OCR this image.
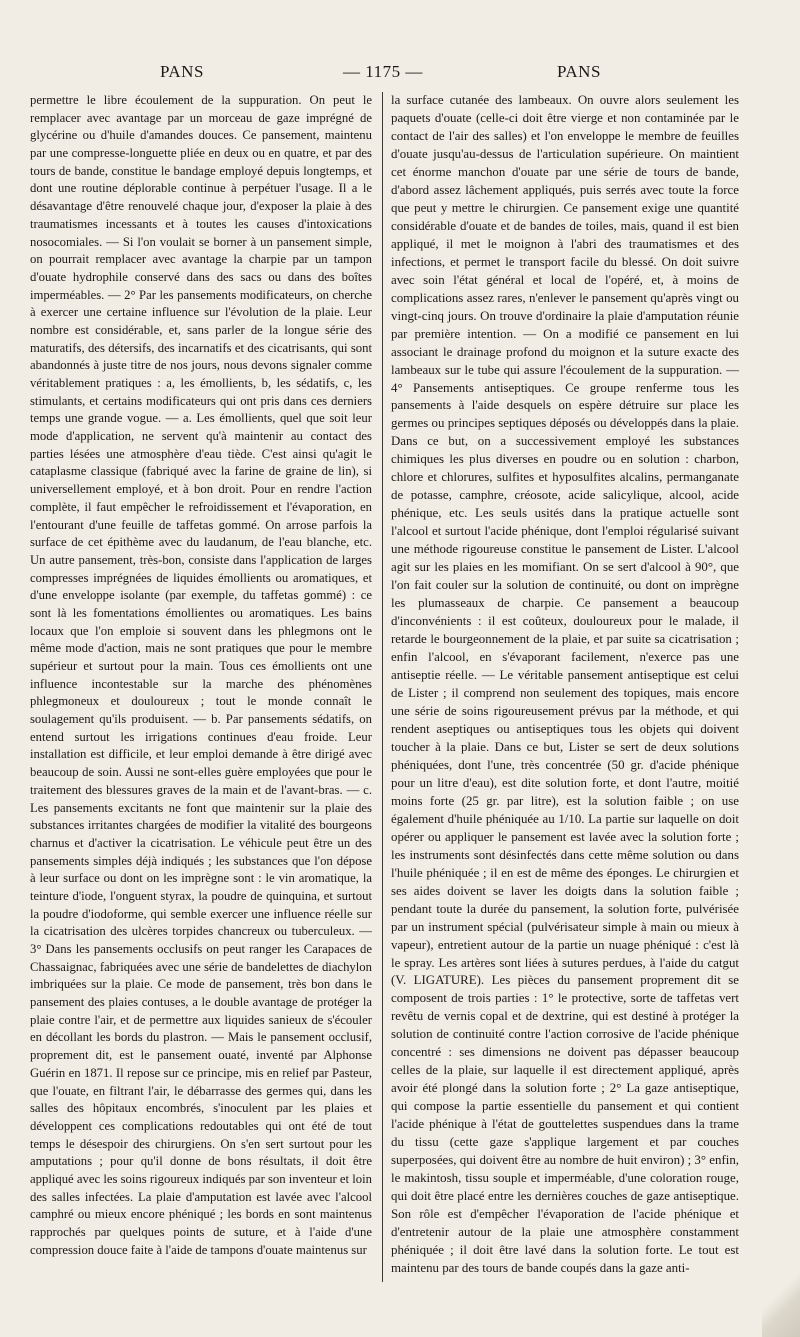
PANS	— 1175 —	PANS

permettre le libre écoulement de la suppuration. On peut le remplacer avec avantage par un morceau de gaze imprégné de glycérine ou d'huile d'amandes douces. Ce pansement, maintenu par une compresse-longuette pliée en deux ou en quatre, et par des tours de bande, constitue le bandage employé depuis longtemps, et dont une routine déplorable continue à perpétuer l'usage. Il a le désavantage d'être renouvelé chaque jour, d'exposer la plaie à des traumatismes incessants et à toutes les causes d'intoxications nosocomiales. — Si l'on voulait se borner à un pansement simple, on pourrait remplacer avec avantage la charpie par un tampon d'ouate hydrophile conservé dans des sacs ou dans des boîtes imperméables. — 2° Par les pansements modificateurs, on cherche à exercer une certaine influence sur l'évolution de la plaie. Leur nombre est considérable, et, sans parler de la longue série des maturatifs, des détersifs, des incarnatifs et des cicatrisants, qui sont abandonnés à juste titre de nos jours, nous devons signaler comme véritablement pratiques : a, les émollients, b, les sédatifs, c, les stimulants, et certains modificateurs qui ont pris dans ces derniers temps une grande vogue. — a. Les émollients, quel que soit leur mode d'application, ne servent qu'à maintenir au contact des parties lésées une atmosphère d'eau tiède. C'est ainsi qu'agit le cataplasme classique (fabriqué avec la farine de graine de lin), si universellement employé, et à bon droit. Pour en rendre l'action complète, il faut empêcher le refroidissement et l'évaporation, en l'entourant d'une feuille de taffetas gommé. On arrose parfois la surface de cet épithème avec du laudanum, de l'eau blanche, etc. Un autre pansement, très-bon, consiste dans l'application de larges compresses imprégnées de liquides émollients ou aromatiques, et d'une enveloppe isolante (par exemple, du taffetas gommé) : ce sont là les fomentations émollientes ou aromatiques. Les bains locaux que l'on emploie si souvent dans les phlegmons ont le même mode d'action, mais ne sont pratiques que pour le membre supérieur et surtout pour la main. Tous ces émollients ont une influence incontestable sur la marche des phénomènes phlegmoneux et douloureux ; tout le monde connaît le soulagement qu'ils produisent. — b. Par pansements sédatifs, on entend surtout les irrigations continues d'eau froide. Leur installation est difficile, et leur emploi demande à être dirigé avec beaucoup de soin. Aussi ne sont-elles guère employées que pour le traitement des blessures graves de la main et de l'avant-bras. — c. Les pansements excitants ne font que maintenir sur la plaie des substances irritantes chargées de modifier la vitalité des bourgeons charnus et d'activer la cicatrisation. Le véhicule peut être un des pansements simples déjà indiqués ; les substances que l'on dépose à leur surface ou dont on les imprègne sont : le vin aromatique, la teinture d'iode, l'onguent styrax, la poudre de quinquina, et surtout la poudre d'iodoforme, qui semble exercer une influence réelle sur la cicatrisation des ulcères torpides chancreux ou tuberculeux. — 3° Dans les pansements occlusifs on peut ranger les Carapaces de Chassaignac, fabriquées avec une série de bandelettes de diachylon imbriquées sur la plaie. Ce mode de pansement, très bon dans le pansement des plaies contuses, a le double avantage de protéger la plaie contre l'air, et de permettre aux liquides sanieux de s'écouler en décollant les bords du plastron. — Mais le pansement occlusif, proprement dit, est le pansement ouaté, inventé par Alphonse Guérin en 1871. Il repose sur ce principe, mis en relief par Pasteur, que l'ouate, en filtrant l'air, le débarrasse des germes qui, dans les salles des hôpitaux encombrés, s'inoculent par les plaies et développent ces complications redoutables qui ont été de tout temps le désespoir des chirurgiens. On s'en sert surtout pour les amputations ; pour qu'il donne de bons résultats, il doit être appliqué avec les soins rigoureux indiqués par son inventeur et loin des salles infectées. La plaie d'amputation est lavée avec l'alcool camphré ou mieux encore phéniqué ; les bords en sont maintenus rapprochés par quelques points de suture, et à l'aide d'une compression douce faite à l'aide de tampons d'ouate maintenus sur

la surface cutanée des lambeaux. On ouvre alors seulement les paquets d'ouate (celle-ci doit être vierge et non contaminée par le contact de l'air des salles) et l'on enveloppe le membre de feuilles d'ouate jusqu'au-dessus de l'articulation supérieure. On maintient cet énorme manchon d'ouate par une série de tours de bande, d'abord assez lâchement appliqués, puis serrés avec toute la force que peut y mettre le chirurgien. Ce pansement exige une quantité considérable d'ouate et de bandes de toiles, mais, quand il est bien appliqué, il met le moignon à l'abri des traumatismes et des infections, et permet le transport facile du blessé. On doit suivre avec soin l'état général et local de l'opéré, et, à moins de complications assez rares, n'enlever le pansement qu'après vingt ou vingt-cinq jours. On trouve d'ordinaire la plaie d'amputation réunie par première intention. — On a modifié ce pansement en lui associant le drainage profond du moignon et la suture exacte des lambeaux sur le tube qui assure l'écoulement de la suppuration. — 4° Pansements antiseptiques. Ce groupe renferme tous les pansements à l'aide desquels on espère détruire sur place les germes ou principes septiques déposés ou développés dans la plaie. Dans ce but, on a successivement employé les substances chimiques les plus diverses en poudre ou en solution : charbon, chlore et chlorures, sulfites et hyposulfites alcalins, permanganate de potasse, camphre, créosote, acide salicylique, alcool, acide phénique, etc. Les seuls usités dans la pratique actuelle sont l'alcool et surtout l'acide phénique, dont l'emploi régularisé suivant une méthode rigoureuse constitue le pansement de Lister. L'alcool agit sur les plaies en les momifiant. On se sert d'alcool à 90°, que l'on fait couler sur la solution de continuité, ou dont on imprègne les plumasseaux de charpie. Ce pansement a beaucoup d'inconvénients : il est coûteux, douloureux pour le malade, il retarde le bourgeonnement de la plaie, et par suite sa cicatrisation ; enfin l'alcool, en s'évaporant facilement, n'exerce pas une antiseptie réelle. — Le véritable pansement antiseptique est celui de Lister ; il comprend non seulement des topiques, mais encore une série de soins rigoureusement prévus par la méthode, et qui rendent aseptiques ou antiseptiques tous les objets qui doivent toucher à la plaie. Dans ce but, Lister se sert de deux solutions phéniquées, dont l'une, très concentrée (50 gr. d'acide phénique pour un litre d'eau), est dite solution forte, et dont l'autre, moitié moins forte (25 gr. par litre), est la solution faible ; on use également d'huile phéniquée au 1/10. La partie sur laquelle on doit opérer ou appliquer le pansement est lavée avec la solution forte ; les instruments sont désinfectés dans cette même solution ou dans l'huile phéniquée ; il en est de même des éponges. Le chirurgien et ses aides doivent se laver les doigts dans la solution faible ; pendant toute la durée du pansement, la solution forte, pulvérisée par un instrument spécial (pulvérisateur simple à main ou mieux à vapeur), entretient autour de la partie un nuage phéniqué : c'est là le spray. Les artères sont liées à sutures perdues, à l'aide du catgut (V. LIGATURE). Les pièces du pansement proprement dit se composent de trois parties : 1° le protective, sorte de taffetas vert revêtu de vernis copal et de dextrine, qui est destiné à protéger la solution de continuité contre l'action corrosive de l'acide phénique concentré : ses dimensions ne doivent pas dépasser beaucoup celles de la plaie, sur laquelle il est directement appliqué, après avoir été plongé dans la solution forte ; 2° La gaze antiseptique, qui compose la partie essentielle du pansement et qui contient l'acide phénique à l'état de gouttelettes suspendues dans la trame du tissu (cette gaze s'applique largement et par couches superposées, qui doivent être au nombre de huit environ) ; 3° enfin, le makintosh, tissu souple et imperméable, d'une coloration rouge, qui doit être placé entre les dernières couches de gaze antiseptique. Son rôle est d'empêcher l'évaporation de l'acide phénique et d'entretenir autour de la plaie une atmosphère constamment phéniquée ; il doit être lavé dans la solution forte. Le tout est maintenu par des tours de bande coupés dans la gaze anti-
